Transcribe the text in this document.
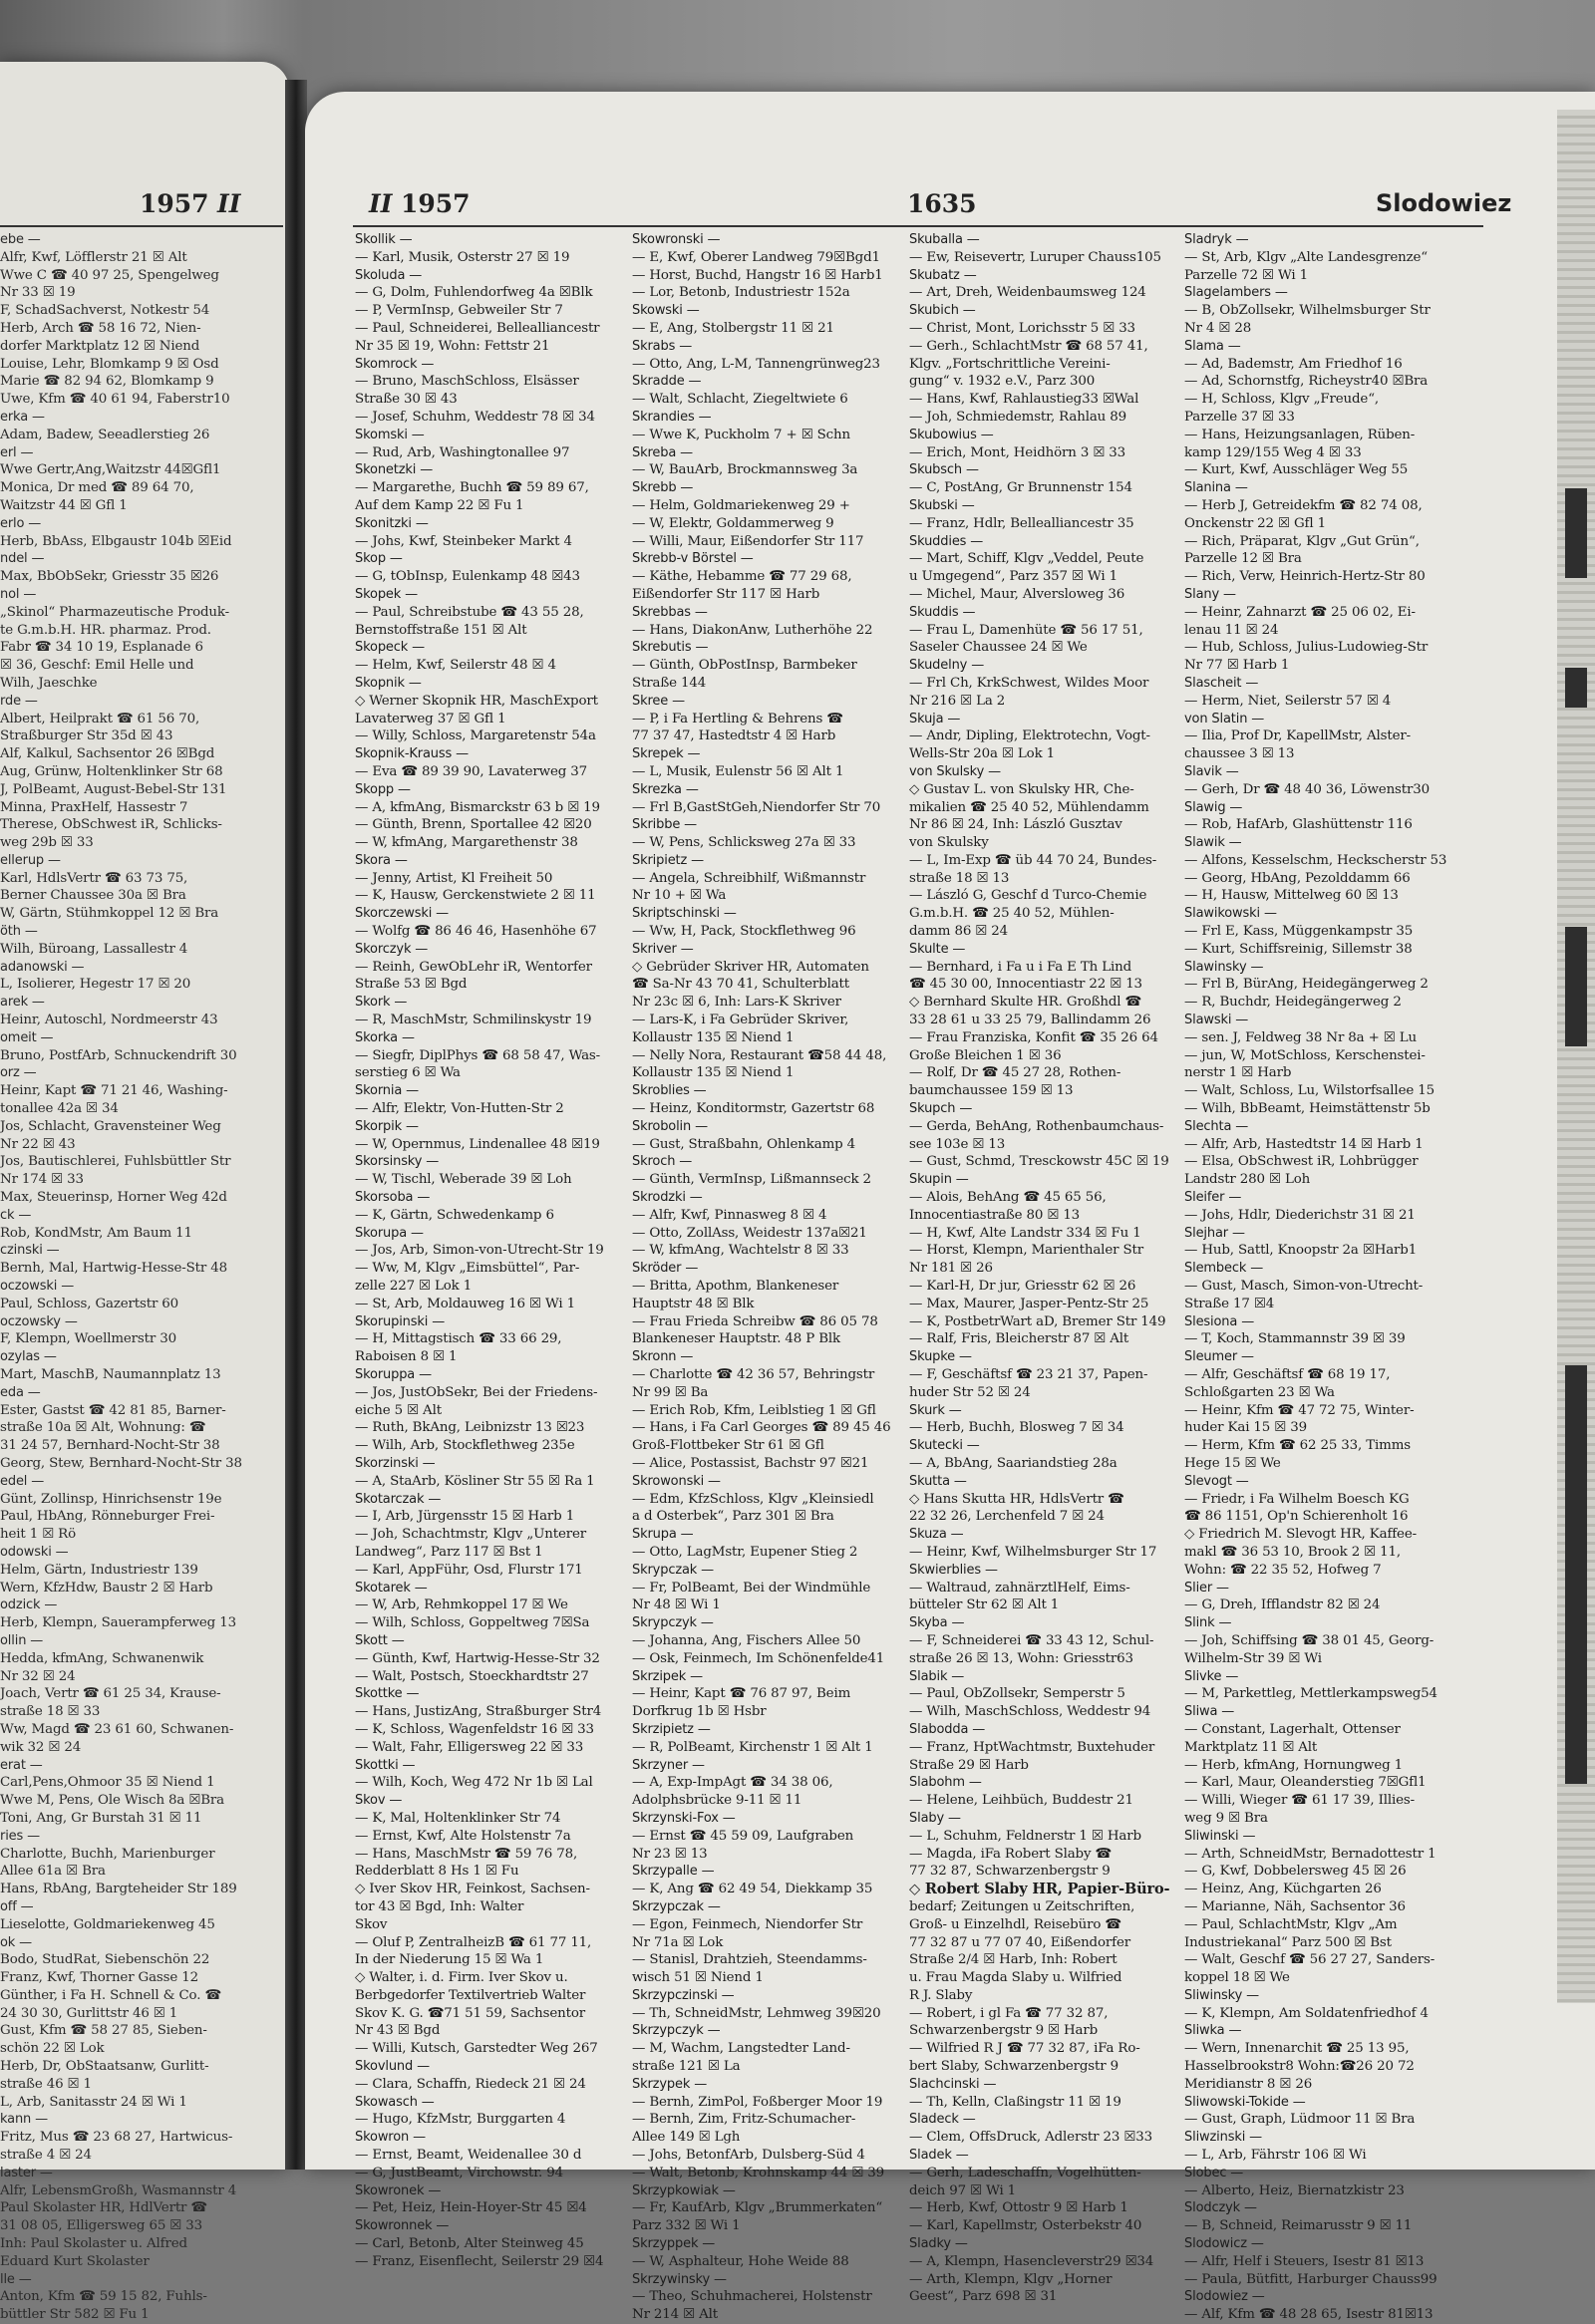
1957 II	II 1957	1635	Slodowiez
ebe —
Alfr, Kwf, Löfflerstr 21 ☒ Alt
Wwe C ☎ 40 97 25, Spengelweg
Nr 33 ☒ 19
F, SchadSachverst, Notkestr 54
Herb, Arch ☎ 58 16 72, Nien-
dorfer Marktplatz 12 ☒ Niend
Louise, Lehr, Blomkamp 9 ☒ Osd
Marie ☎ 82 94 62, Blomkamp 9
Uwe, Kfm ☎ 40 61 94, Faberstr10
erka —
Adam, Badew, Seeadlerstieg 26
erl —
Wwe Gertr,Ang,Waitzstr 44☒Gfl1
Monica, Dr med ☎ 89 64 70,
Waitzstr 44 ☒ Gfl 1
erlo —
Herb, BbAss, Elbgaustr 104b ☒Eid
ndel —
Max, BbObSekr, Griesstr 35 ☒26
nol —
„Skinol“ Pharmazeutische Produk-
te G.m.b.H. HR. pharmaz. Prod.
Fabr ☎ 34 10 19, Esplanade 6
☒ 36, Geschf: Emil Helle und
Wilh, Jaeschke
rde —
Albert, Heilprakt ☎ 61 56 70,
Straßburger Str 35d ☒ 43
Alf, Kalkul, Sachsentor 26 ☒Bgd
Aug, Grünw, Holtenklinker Str 68
J, PolBeamt, August-Bebel-Str 131
Minna, PraxHelf, Hassestr 7
Therese, ObSchwest iR, Schlicks-
weg 29b ☒ 33
ellerup —
Karl, HdlsVertr ☎ 63 73 75,
Berner Chaussee 30a ☒ Bra
W, Gärtn, Stühmkoppel 12 ☒ Bra
öth —
Wilh, Büroang, Lassallestr 4
adanowski —
L, Isolierer, Hegestr 17 ☒ 20
arek —
Heinr, Autoschl, Nordmeerstr 43
omeit —
Bruno, PostfArb, Schnuckendrift 30
orz —
Heinr, Kapt ☎ 71 21 46, Washing-
tonallee 42a ☒ 34
Jos, Schlacht, Gravensteiner Weg
Nr 22 ☒ 43
Jos, Bautischlerei, Fuhlsbüttler Str
Nr 174 ☒ 33
Max, Steuerinsp, Horner Weg 42d
ck —
Rob, KondMstr, Am Baum 11
czinski —
Bernh, Mal, Hartwig-Hesse-Str 48
oczowski —
Paul, Schloss, Gazertstr 60
oczowsky —
F, Klempn, Woellmerstr 30
ozylas —
Mart, MaschB, Naumannplatz 13
eda —
Ester, Gastst ☎ 42 81 85, Barner-
straße 10a ☒ Alt, Wohnung: ☎
31 24 57, Bernhard-Nocht-Str 38
Georg, Stew, Bernhard-Nocht-Str 38
edel —
Günt, Zollinsp, Hinrichsenstr 19e
Paul, HbAng, Rönneburger Frei-
heit 1 ☒ Rö
odowski —
Helm, Gärtn, Industriestr 139
Wern, KfzHdw, Baustr 2 ☒ Harb
odzick —
Herb, Klempn, Sauerampferweg 13
ollin —
Hedda, kfmAng, Schwanenwik
Nr 32 ☒ 24
Joach, Vertr ☎ 61 25 34, Krause-
straße 18 ☒ 33
Ww, Magd ☎ 23 61 60, Schwanen-
wik 32 ☒ 24
erat —
Carl,Pens,Ohmoor 35 ☒ Niend 1
Wwe M, Pens, Ole Wisch 8a ☒Bra
Toni, Ang, Gr Burstah 31 ☒ 11
ries —
Charlotte, Buchh, Marienburger
Allee 61a ☒ Bra
Hans, RbAng, Bargteheider Str 189
off —
Lieselotte, Goldmariekenweg 45
ok —
Bodo, StudRat, Siebenschön 22
Franz, Kwf, Thorner Gasse 12
Günther, i Fa H. Schnell & Co. ☎
24 30 30, Gurlittstr 46 ☒ 1
Gust, Kfm ☎ 58 27 85, Sieben-
schön 22 ☒ Lok
Herb, Dr, ObStaatsanw, Gurlitt-
straße 46 ☒ 1
L, Arb, Sanitasstr 24 ☒ Wi 1
kann —
Fritz, Mus ☎ 23 68 27, Hartwicus-
straße 4 ☒ 24
laster —
Alfr, LebensmGroßh, Wasmannstr 4
Paul Skolaster HR, HdlVertr ☎
31 08 05, Elligersweg 65 ☒ 33
Inh: Paul Skolaster u. Alfred
Eduard Kurt Skolaster
lle —
Anton, Kfm ☎ 59 15 82, Fuhls-
büttler Str 582 ☒ Fu 1
Skollik —
— Karl, Musik, Osterstr 27 ☒ 19
Skoluda —
— G, Dolm, Fuhlendorfweg 4a ☒Blk
— P, VermInsp, Gebweiler Str 7
— Paul, Schneiderei, Bellealliancestr
Nr 35 ☒ 19, Wohn: Fettstr 21
Skomrock —
— Bruno, MaschSchloss, Elsässer
Straße 30 ☒ 43
— Josef, Schuhm, Weddestr 78 ☒ 34
Skomski —
— Rud, Arb, Washingtonallee 97
Skonetzki —
— Margarethe, Buchh ☎ 59 89 67,
Auf dem Kamp 22 ☒ Fu 1
Skonitzki —
— Johs, Kwf, Steinbeker Markt 4
Skop —
— G, tObInsp, Eulenkamp 48 ☒43
Skopek —
— Paul, Schreibstube ☎ 43 55 28,
Bernstoffstraße 151 ☒ Alt
Skopeck —
— Helm, Kwf, Seilerstr 48 ☒ 4
Skopnik —
◇ Werner Skopnik HR, MaschExport
Lavaterweg 37 ☒ Gfl 1
— Willy, Schloss, Margaretenstr 54a
Skopnik-Krauss —
— Eva ☎ 89 39 90, Lavaterweg 37
Skopp —
— A, kfmAng, Bismarckstr 63 b ☒ 19
— Günth, Brenn, Sportallee 42 ☒20
— W, kfmAng, Margarethenstr 38
Skora —
— Jenny, Artist, Kl Freiheit 50
— K, Hausw, Gerckenstwiete 2 ☒ 11
Skorczewski —
— Wolfg ☎ 86 46 46, Hasenhöhe 67
Skorczyk —
— Reinh, GewObLehr iR, Wentorfer
Straße 53 ☒ Bgd
Skork —
— R, MaschMstr, Schmilinskystr 19
Skorka —
— Siegfr, DiplPhys ☎ 68 58 47, Was-
serstieg 6 ☒ Wa
Skornia —
— Alfr, Elektr, Von-Hutten-Str 2
Skorpik —
— W, Opernmus, Lindenallee 48 ☒19
Skorsinsky —
— W, Tischl, Weberade 39 ☒ Loh
Skorsoba —
— K, Gärtn, Schwedenkamp 6
Skorupa —
— Jos, Arb, Simon-von-Utrecht-Str 19
— Ww, M, Klgv „Eimsbüttel“, Par-
zelle 227 ☒ Lok 1
— St, Arb, Moldauweg 16 ☒ Wi 1
Skorupinski —
— H, Mittagstisch ☎ 33 66 29,
Raboisen 8 ☒ 1
Skoruppa —
— Jos, JustObSekr, Bei der Friedens-
eiche 5 ☒ Alt
— Ruth, BkAng, Leibnizstr 13 ☒23
— Wilh, Arb, Stockflethweg 235e
Skorzinski —
— A, StaArb, Kösliner Str 55 ☒ Ra 1
Skotarczak —
— I, Arb, Jürgensstr 15 ☒ Harb 1
— Joh, Schachtmstr, Klgv „Unterer
Landweg“, Parz 117 ☒ Bst 1
— Karl, AppFühr, Osd, Flurstr 171
Skotarek —
— W, Arb, Rehmkoppel 17 ☒ We
— Wilh, Schloss, Goppeltweg 7☒Sa
Skott —
— Günth, Kwf, Hartwig-Hesse-Str 32
— Walt, Postsch, Stoeckhardtstr 27
Skottke —
— Hans, JustizAng, Straßburger Str4
— K, Schloss, Wagenfeldstr 16 ☒ 33
— Walt, Fahr, Elligersweg 22 ☒ 33
Skottki —
— Wilh, Koch, Weg 472 Nr 1b ☒ Lal
Skov —
— K, Mal, Holtenklinker Str 74
— Ernst, Kwf, Alte Holstenstr 7a
— Hans, MaschMstr ☎ 59 76 78,
Redderblatt 8 Hs 1 ☒ Fu
◇ Iver Skov HR, Feinkost, Sachsen-
tor 43 ☒ Bgd, Inh: Walter
Skov
— Oluf P, ZentralheizB ☎ 61 77 11,
In der Niederung 15 ☒ Wa 1
◇ Walter, i. d. Firm. Iver Skov u.
Berbgedorfer Textilvertrieb Walter
Skov K. G. ☎71 51 59, Sachsentor
Nr 43 ☒ Bgd
— Willi, Kutsch, Garstedter Weg 267
Skovlund —
— Clara, Schaffn, Riedeck 21 ☒ 24
Skowasch —
— Hugo, KfzMstr, Burggarten 4
Skowron —
— Ernst, Beamt, Weidenallee 30 d
— G, JustBeamt, Virchowstr. 94
Skowronek —
— Pet, Heiz, Hein-Hoyer-Str 45 ☒4
Skowronnek —
— Carl, Betonb, Alter Steinweg 45
— Franz, Eisenflecht, Seilerstr 29 ☒4
Skowronski —
— E, Kwf, Oberer Landweg 79☒Bgd1
— Horst, Buchd, Hangstr 16 ☒ Harb1
— Lor, Betonb, Industriestr 152a
Skowski —
— E, Ang, Stolbergstr 11 ☒ 21
Skrabs —
— Otto, Ang, L-M, Tannengrünweg23
Skradde —
— Walt, Schlacht, Ziegeltwiete 6
Skrandies —
— Wwe K, Puckholm 7 + ☒ Schn
Skreba —
— W, BauArb, Brockmannsweg 3a
Skrebb —
— Helm, Goldmariekenweg 29 +
— W, Elektr, Goldammerweg 9
— Willi, Maur, Eißendorfer Str 117
Skrebb-v Börstel —
— Käthe, Hebamme ☎ 77 29 68,
Eißendorfer Str 117 ☒ Harb
Skrebbas —
— Hans, DiakonAnw, Lutherhöhe 22
Skrebutis —
— Günth, ObPostInsp, Barmbeker
Straße 144
Skree —
— P, i Fa Hertling & Behrens ☎
77 37 47, Hastedtstr 4 ☒ Harb
Skrepek —
— L, Musik, Eulenstr 56 ☒ Alt 1
Skrezka —
— Frl B,GastStGeh,Niendorfer Str 70
Skribbe —
— W, Pens, Schlicksweg 27a ☒ 33
Skripietz —
— Angela, Schreibhilf, Wißmannstr
Nr 10 + ☒ Wa
Skriptschinski —
— Ww, H, Pack, Stockflethweg 96
Skriver —
◇ Gebrüder Skriver HR, Automaten
☎ Sa-Nr 43 70 41, Schulterblatt
Nr 23c ☒ 6, Inh: Lars-K Skriver
— Lars-K, i Fa Gebrüder Skriver,
Kollaustr 135 ☒ Niend 1
— Nelly Nora, Restaurant ☎58 44 48,
Kollaustr 135 ☒ Niend 1
Skroblies —
— Heinz, Konditormstr, Gazertstr 68
Skrobolin —
— Gust, Straßbahn, Ohlenkamp 4
Skroch —
— Günth, VermInsp, Lißmannseck 2
Skrodzki —
— Alfr, Kwf, Pinnasweg 8 ☒ 4
— Otto, ZollAss, Weidestr 137a☒21
— W, kfmAng, Wachtelstr 8 ☒ 33
Skröder —
— Britta, Apothm, Blankeneser
Hauptstr 48 ☒ Blk
— Frau Frieda Schreibw ☎ 86 05 78
Blankeneser Hauptstr. 48 P Blk
Skronn —
— Charlotte ☎ 42 36 57, Behringstr
Nr 99 ☒ Ba
— Erich Rob, Kfm, Leiblstieg 1 ☒ Gfl
— Hans, i Fa Carl Georges ☎ 89 45 46
Groß-Flottbeker Str 61 ☒ Gfl
— Alice, Postassist, Bachstr 97 ☒21
Skrowonski —
— Edm, KfzSchloss, Klgv „Kleinsiedl
a d Osterbek“, Parz 301 ☒ Bra
Skrupa —
— Otto, LagMstr, Eupener Stieg 2
Skrypczak —
— Fr, PolBeamt, Bei der Windmühle
Nr 48 ☒ Wi 1
Skrypczyk —
— Johanna, Ang, Fischers Allee 50
— Osk, Feinmech, Im Schönenfelde41
Skrzipek —
— Heinr, Kapt ☎ 76 87 97, Beim
Dorfkrug 1b ☒ Hsbr
Skrzipietz —
— R, PolBeamt, Kirchenstr 1 ☒ Alt 1
Skrzyner —
— A, Exp-ImpAgt ☎ 34 38 06,
Adolphsbrücke 9-11 ☒ 11
Skrzynski-Fox —
— Ernst ☎ 45 59 09, Laufgraben
Nr 23 ☒ 13
Skrzypalle —
— K, Ang ☎ 62 49 54, Diekkamp 35
Skrzypczak —
— Egon, Feinmech, Niendorfer Str
Nr 71a ☒ Lok
— Stanisl, Drahtzieh, Steendamms-
wisch 51 ☒ Niend 1
Skrzypczinski —
— Th, SchneidMstr, Lehmweg 39☒20
Skrzypczyk —
— M, Wachm, Langstedter Land-
straße 121 ☒ La
Skrzypek —
— Bernh, ZimPol, Foßberger Moor 19
— Bernh, Zim, Fritz-Schumacher-
Allee 149 ☒ Lgh
— Johs, BetonfArb, Dulsberg-Süd 4
— Walt, Betonb, Krohnskamp 44 ☒ 39
Skrzypkowiak —
— Fr, KaufArb, Klgv „Brummerkaten“
Parz 332 ☒ Wi 1
Skrzyppek —
— W, Asphalteur, Hohe Weide 88
Skrzywinsky —
— Theo, Schuhmacherei, Holstenstr
Nr 214 ☒ Alt
Skuballa —
— Ew, Reisevertr, Luruper Chauss105
Skubatz —
— Art, Dreh, Weidenbaumsweg 124
Skubich —
— Christ, Mont, Lorichsstr 5 ☒ 33
— Gerh., SchlachtMstr ☎ 68 57 41,
Klgv. „Fortschrittliche Vereini-
gung“ v. 1932 e.V., Parz 300
— Hans, Kwf, Rahlaustieg33 ☒Wal
— Joh, Schmiedemstr, Rahlau 89
Skubowius —
— Erich, Mont, Heidhörn 3 ☒ 33
Skubsch —
— C, PostAng, Gr Brunnenstr 154
Skubski —
— Franz, Hdlr, Bellealliancestr 35
Skuddies —
— Mart, Schiff, Klgv „Veddel, Peute
u Umgegend“, Parz 357 ☒ Wi 1
— Michel, Maur, Alversloweg 36
Skuddis —
— Frau L, Damenhüte ☎ 56 17 51,
Saseler Chaussee 24 ☒ We
Skudelny —
— Frl Ch, KrkSchwest, Wildes Moor
Nr 216 ☒ La 2
Skuja —
— Andr, Dipling, Elektrotechn, Vogt-
Wells-Str 20a ☒ Lok 1
von Skulsky —
◇ Gustav L. von Skulsky HR, Che-
mikalien ☎ 25 40 52, Mühlendamm
Nr 86 ☒ 24, Inh: László Gusztav
von Skulsky
— L, Im-Exp ☎ üb 44 70 24, Bundes-
straße 18 ☒ 13
— László G, Geschf d Turco-Chemie
G.m.b.H. ☎ 25 40 52, Mühlen-
damm 86 ☒ 24
Skulte —
— Bernhard, i Fa u i Fa E Th Lind
☎ 45 30 00, Innocentiastr 22 ☒ 13
◇ Bernhard Skulte HR. Großhdl ☎
33 28 61 u 33 25 79, Ballindamm 26
— Frau Franziska, Konfit ☎ 35 26 64
Große Bleichen 1 ☒ 36
— Rolf, Dr ☎ 45 27 28, Rothen-
baumchaussee 159 ☒ 13
Skupch —
— Gerda, BehAng, Rothenbaumchaus-
see 103e ☒ 13
— Gust, Schmd, Tresckowstr 45C ☒ 19
Skupin —
— Alois, BehAng ☎ 45 65 56,
Innocentiastraße 80 ☒ 13
— H, Kwf, Alte Landstr 334 ☒ Fu 1
— Horst, Klempn, Marienthaler Str
Nr 181 ☒ 26
— Karl-H, Dr jur, Griesstr 62 ☒ 26
— Max, Maurer, Jasper-Pentz-Str 25
— K, PostbetrWart aD, Bremer Str 149
— Ralf, Fris, Bleicherstr 87 ☒ Alt
Skupke —
— F, Geschäftsf ☎ 23 21 37, Papen-
huder Str 52 ☒ 24
Skurk —
— Herb, Buchh, Blosweg 7 ☒ 34
Skutecki —
— A, BbAng, Saariandstieg 28a
Skutta —
◇ Hans Skutta HR, HdlsVertr ☎
22 32 26, Lerchenfeld 7 ☒ 24
Skuza —
— Heinr, Kwf, Wilhelmsburger Str 17
Skwierblies —
— Waltraud, zahnärztlHelf, Eims-
bütteler Str 62 ☒ Alt 1
Skyba —
— F, Schneiderei ☎ 33 43 12, Schul-
straße 26 ☒ 13, Wohn: Griesstr63
Slabik —
— Paul, ObZollsekr, Semperstr 5
— Wilh, MaschSchloss, Weddestr 94
Slabodda —
— Franz, HptWachtmstr, Buxtehuder
Straße 29 ☒ Harb
Slabohm —
— Helene, Leihbüch, Buddestr 21
Slaby —
— L, Schuhm, Feldnerstr 1 ☒ Harb
— Magda, iFa Robert Slaby ☎
77 32 87, Schwarzenbergstr 9
◇ Robert Slaby HR, Papier-Büro-
bedarf; Zeitungen u Zeitschriften,
Groß- u Einzelhdl, Reisebüro ☎
77 32 87 u 77 07 40, Eißendorfer
Straße 2/4 ☒ Harb, Inh: Robert
u. Frau Magda Slaby u. Wilfried
R J. Slaby
— Robert, i gl Fa ☎ 77 32 87,
Schwarzenbergstr 9 ☒ Harb
— Wilfried R J ☎ 77 32 87, iFa Ro-
bert Slaby, Schwarzenbergstr 9
Slachcinski —
— Th, Kelln, Claßingstr 11 ☒ 19
Sladeck —
— Clem, OffsDruck, Adlerstr 23 ☒33
Sladek —
— Gerh, Ladeschaffn, Vogelhütten-
deich 97 ☒ Wi 1
— Herb, Kwf, Ottostr 9 ☒ Harb 1
— Karl, Kapellmstr, Osterbekstr 40
Sladky —
— A, Klempn, Hasencleverstr29 ☒34
— Arth, Klempn, Klgv „Horner
Geest“, Parz 698 ☒ 31
Sladryk —
— St, Arb, Klgv „Alte Landesgrenze“
Parzelle 72 ☒ Wi 1
Slagelambers —
— B, ObZollsekr, Wilhelmsburger Str
Nr 4 ☒ 28
Slama —
— Ad, Bademstr, Am Friedhof 16
— Ad, Schornstfg, Richeystr40 ☒Bra
— H, Schloss, Klgv „Freude“,
Parzelle 37 ☒ 33
— Hans, Heizungsanlagen, Rüben-
kamp 129/155 Weg 4 ☒ 33
— Kurt, Kwf, Ausschläger Weg 55
Slanina —
— Herb J, Getreidekfm ☎ 82 74 08,
Onckenstr 22 ☒ Gfl 1
— Rich, Präparat, Klgv „Gut Grün“,
Parzelle 12 ☒ Bra
— Rich, Verw, Heinrich-Hertz-Str 80
Slany —
— Heinr, Zahnarzt ☎ 25 06 02, Ei-
lenau 11 ☒ 24
— Hub, Schloss, Julius-Ludowieg-Str
Nr 77 ☒ Harb 1
Slascheit —
— Herm, Niet, Seilerstr 57 ☒ 4
von Slatin —
— Ilia, Prof Dr, KapellMstr, Alster-
chaussee 3 ☒ 13
Slavik —
— Gerh, Dr ☎ 48 40 36, Löwenstr30
Slawig —
— Rob, HafArb, Glashüttenstr 116
Slawik —
— Alfons, Kesselschm, Heckscherstr 53
— Georg, HbAng, Pezolddamm 66
— H, Hausw, Mittelweg 60 ☒ 13
Slawikowski —
— Frl E, Kass, Müggenkampstr 35
— Kurt, Schiffsreinig, Sillemstr 38
Slawinsky —
— Frl B, BürAng, Heidegängerweg 2
— R, Buchdr, Heidegängerweg 2
Slawski —
— sen. J, Feldweg 38 Nr 8a + ☒ Lu
— jun, W, MotSchloss, Kerschenstei-
nerstr 1 ☒ Harb
— Walt, Schloss, Lu, Wilstorfsallee 15
— Wilh, BbBeamt, Heimstättenstr 5b
Slechta —
— Alfr, Arb, Hastedtstr 14 ☒ Harb 1
— Elsa, ObSchwest iR, Lohbrügger
Landstr 280 ☒ Loh
Sleifer —
— Johs, Hdlr, Diederichstr 31 ☒ 21
Slejhar —
— Hub, Sattl, Knoopstr 2a ☒Harb1
Slembeck —
— Gust, Masch, Simon-von-Utrecht-
Straße 17 ☒4
Slesiona —
— T, Koch, Stammannstr 39 ☒ 39
Sleumer —
— Alfr, Geschäftsf ☎ 68 19 17,
Schloßgarten 23 ☒ Wa
— Heinr, Kfm ☎ 47 72 75, Winter-
huder Kai 15 ☒ 39
— Herm, Kfm ☎ 62 25 33, Timms
Hege 15 ☒ We
Slevogt —
— Friedr, i Fa Wilhelm Boesch KG
☎ 86 1151, Op'n Schierenholt 16
◇ Friedrich M. Slevogt HR, Kaffee-
makl ☎ 36 53 10, Brook 2 ☒ 11,
Wohn: ☎ 22 35 52, Hofweg 7
Slier —
— G, Dreh, Ifflandstr 82 ☒ 24
Slink —
— Joh, Schiffsing ☎ 38 01 45, Georg-
Wilhelm-Str 39 ☒ Wi
Slivke —
— M, Parkettleg, Mettlerkampsweg54
Sliwa —
— Constant, Lagerhalt, Ottenser
Marktplatz 11 ☒ Alt
— Herb, kfmAng, Hornungweg 1
— Karl, Maur, Oleanderstieg 7☒Gfl1
— Willi, Wieger ☎ 61 17 39, Illies-
weg 9 ☒ Bra
Sliwinski —
— Arth, SchneidMstr, Bernadottestr 1
— G, Kwf, Dobbelersweg 45 ☒ 26
— Heinz, Ang, Küchgarten 26
— Marianne, Näh, Sachsentor 36
— Paul, SchlachtMstr, Klgv „Am
Industriekanal“ Parz 500 ☒ Bst
— Walt, Geschf ☎ 56 27 27, Sanders-
koppel 18 ☒ We
Sliwinsky —
— K, Klempn, Am Soldatenfriedhof 4
Sliwka —
— Wern, Innenarchit ☎ 25 13 95,
Hasselbrookstr8 Wohn:☎26 20 72
Meridianstr 8 ☒ 26
Sliwowski-Tokide —
— Gust, Graph, Lüdmoor 11 ☒ Bra
Sliwzinski —
— L, Arb, Fährstr 106 ☒ Wi
Slobec —
— Alberto, Heiz, Biernatzkistr 23
Slodczyk —
— B, Schneid, Reimarusstr 9 ☒ 11
Slodowicz —
— Alfr, Helf i Steuers, Isestr 81 ☒13
— Paula, Bütfitt, Harburger Chauss99
Slodowiez —
— Alf, Kfm ☎ 48 28 65, Isestr 81☒13
